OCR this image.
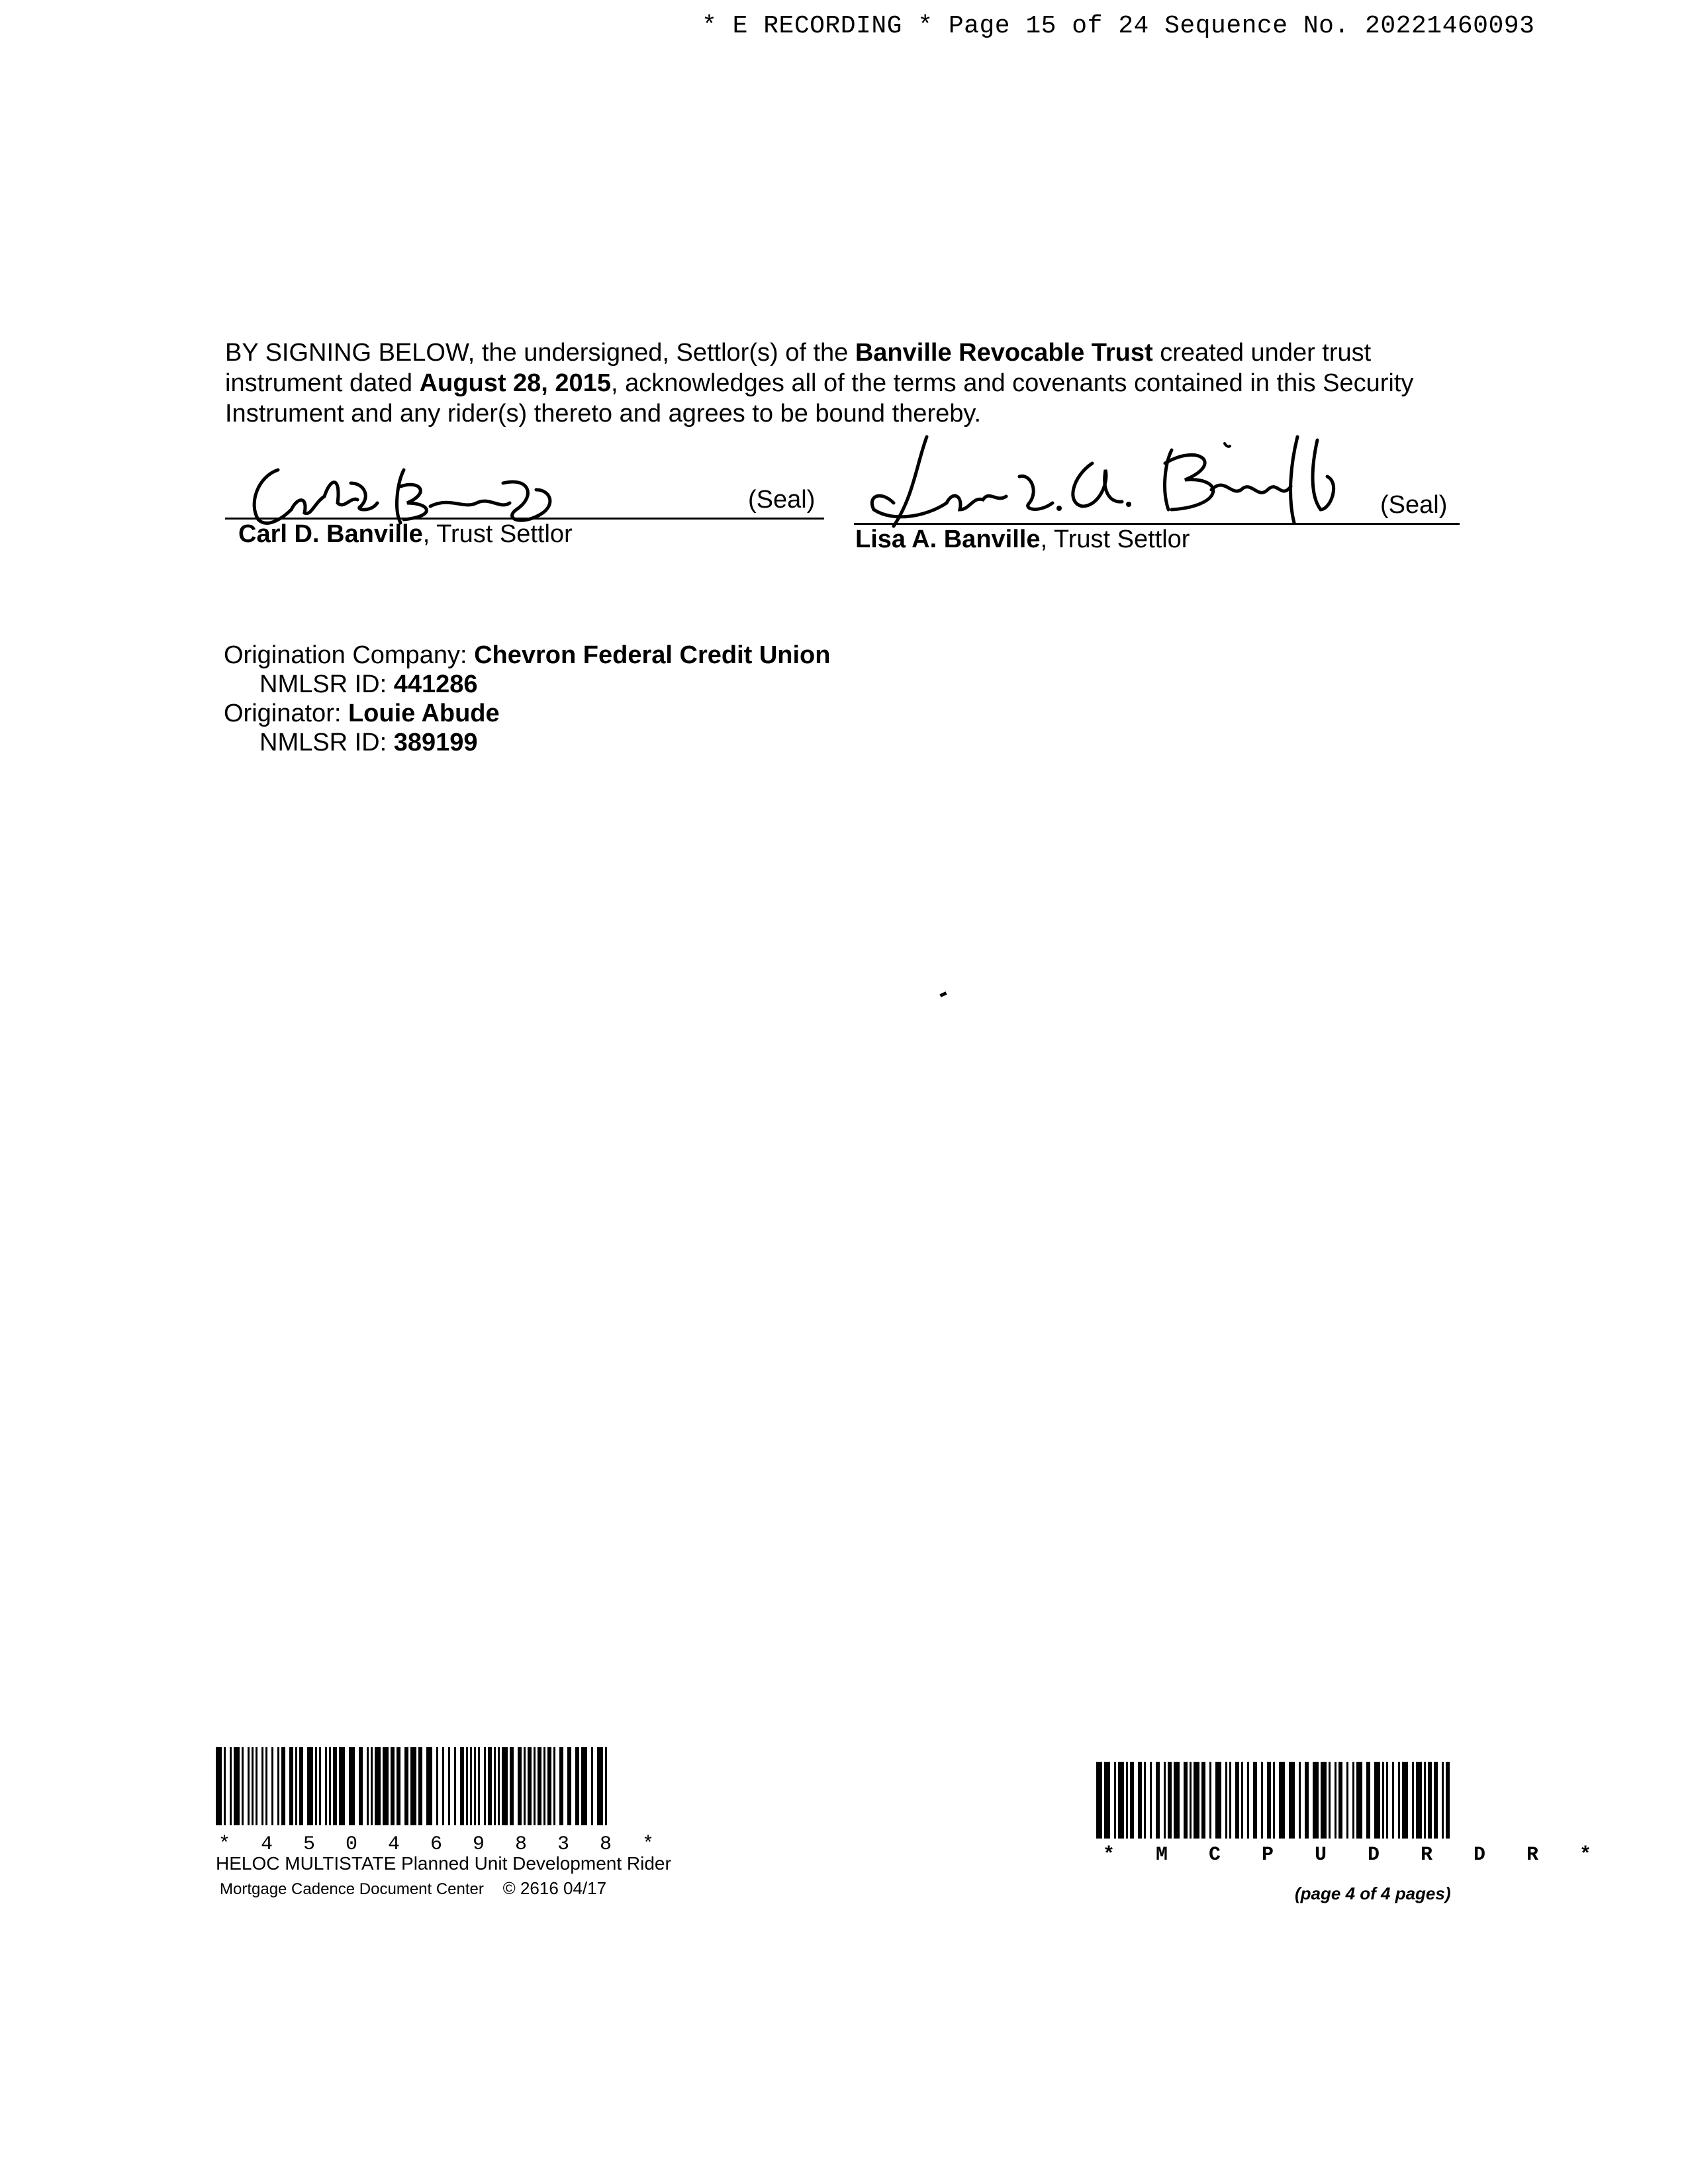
* E RECORDING * Page 15 of 24 Sequence No. 20221460093
BY SIGNING BELOW, the undersigned, Settlor(s) of the Banville Revocable Trust created under trust instrument dated August 28, 2015, acknowledges all of the terms and covenants contained in this Security Instrument and any rider(s) thereto and agrees to be bound thereby.
(Seal)
Carl D. Banville, Trust Settlor
(Seal)
Lisa A. Banville, Trust Settlor
Origination Company: Chevron Federal Credit Union
NMLSR ID: 441286
Originator: Louie Abude
NMLSR ID: 389199
* 4 5 0 4 6 9 8 3 8 *
HELOC MULTISTATE Planned Unit Development Rider
Mortgage Cadence Document Center © 2616 04/17
* M C P U D R D R *
(page 4 of 4 pages)
